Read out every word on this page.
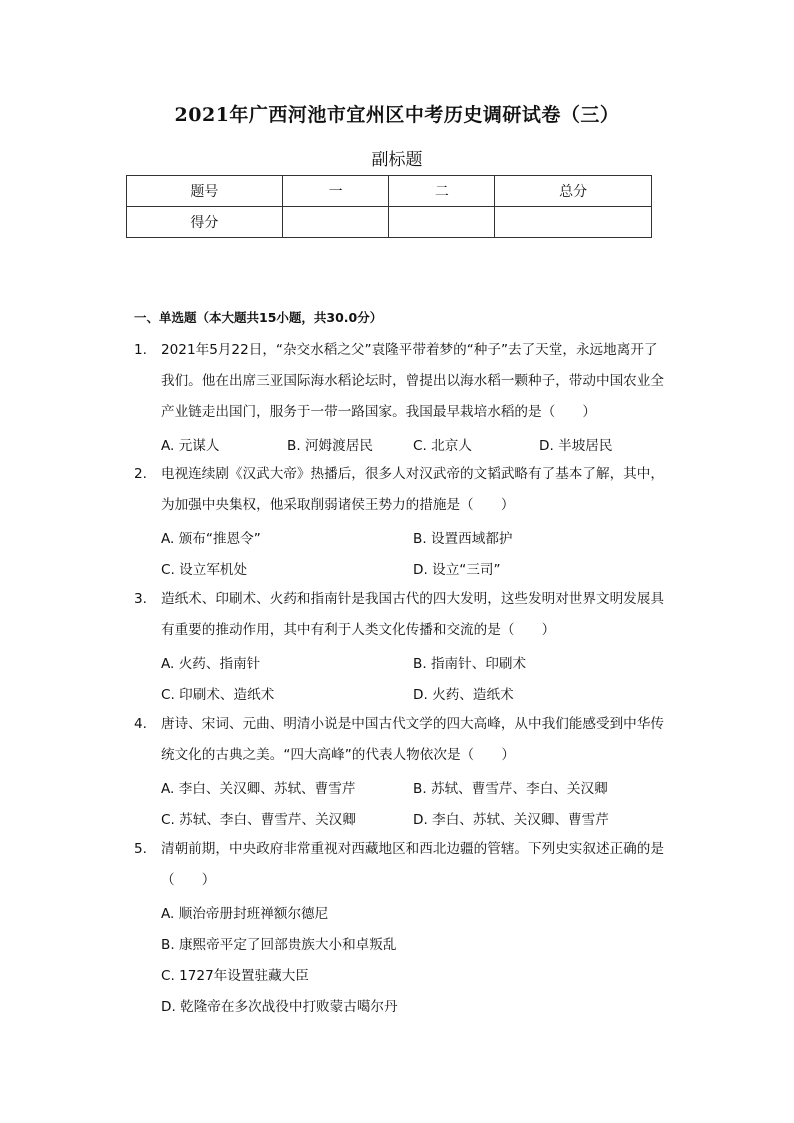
2021年广西河池市宜州区中考历史调研试卷（三）
副标题
题号	一	二	总分
得分			
一、单选题（本大题共15小题，共30.0分）
1.	2021年5月22日，“杂交水稻之父”袁隆平带着梦的“种子”去了天堂，永远地离开了我们。他在出席三亚国际海水稻论坛时，曾提出以海水稻一颗种子，带动中国农业全产业链走出国门，服务于一带一路国家。我国最早栽培水稻的是（　　）
A. 元谋人	B. 河姆渡居民	C. 北京人	D. 半坡居民
2.	电视连续剧《汉武大帝》热播后，很多人对汉武帝的文韬武略有了基本了解，其中，为加强中央集权，他采取削弱诸侯王势力的措施是（　　）
A. 颁布“推恩令”	B. 设置西域都护
C. 设立军机处	D. 设立“三司”
3.	造纸术、印刷术、火药和指南针是我国古代的四大发明，这些发明对世界文明发展具有重要的推动作用，其中有利于人类文化传播和交流的是（　　）
A. 火药、指南针	B. 指南针、印刷术
C. 印刷术、造纸术	D. 火药、造纸术
4.	唐诗、宋词、元曲、明清小说是中国古代文学的四大高峰，从中我们能感受到中华传统文化的古典之美。“四大高峰”的代表人物依次是（　　）
A. 李白、关汉卿、苏轼、曹雪芹	B. 苏轼、曹雪芹、李白、关汉卿
C. 苏轼、李白、曹雪芹、关汉卿	D. 李白、苏轼、关汉卿、曹雪芹
5.	清朝前期，中央政府非常重视对西藏地区和西北边疆的管辖。下列史实叙述正确的是（　　）
A. 顺治帝册封班禅额尔德尼
B. 康熙帝平定了回部贵族大小和卓叛乱
C. 1727年设置驻藏大臣
D. 乾隆帝在多次战役中打败蒙古噶尔丹
